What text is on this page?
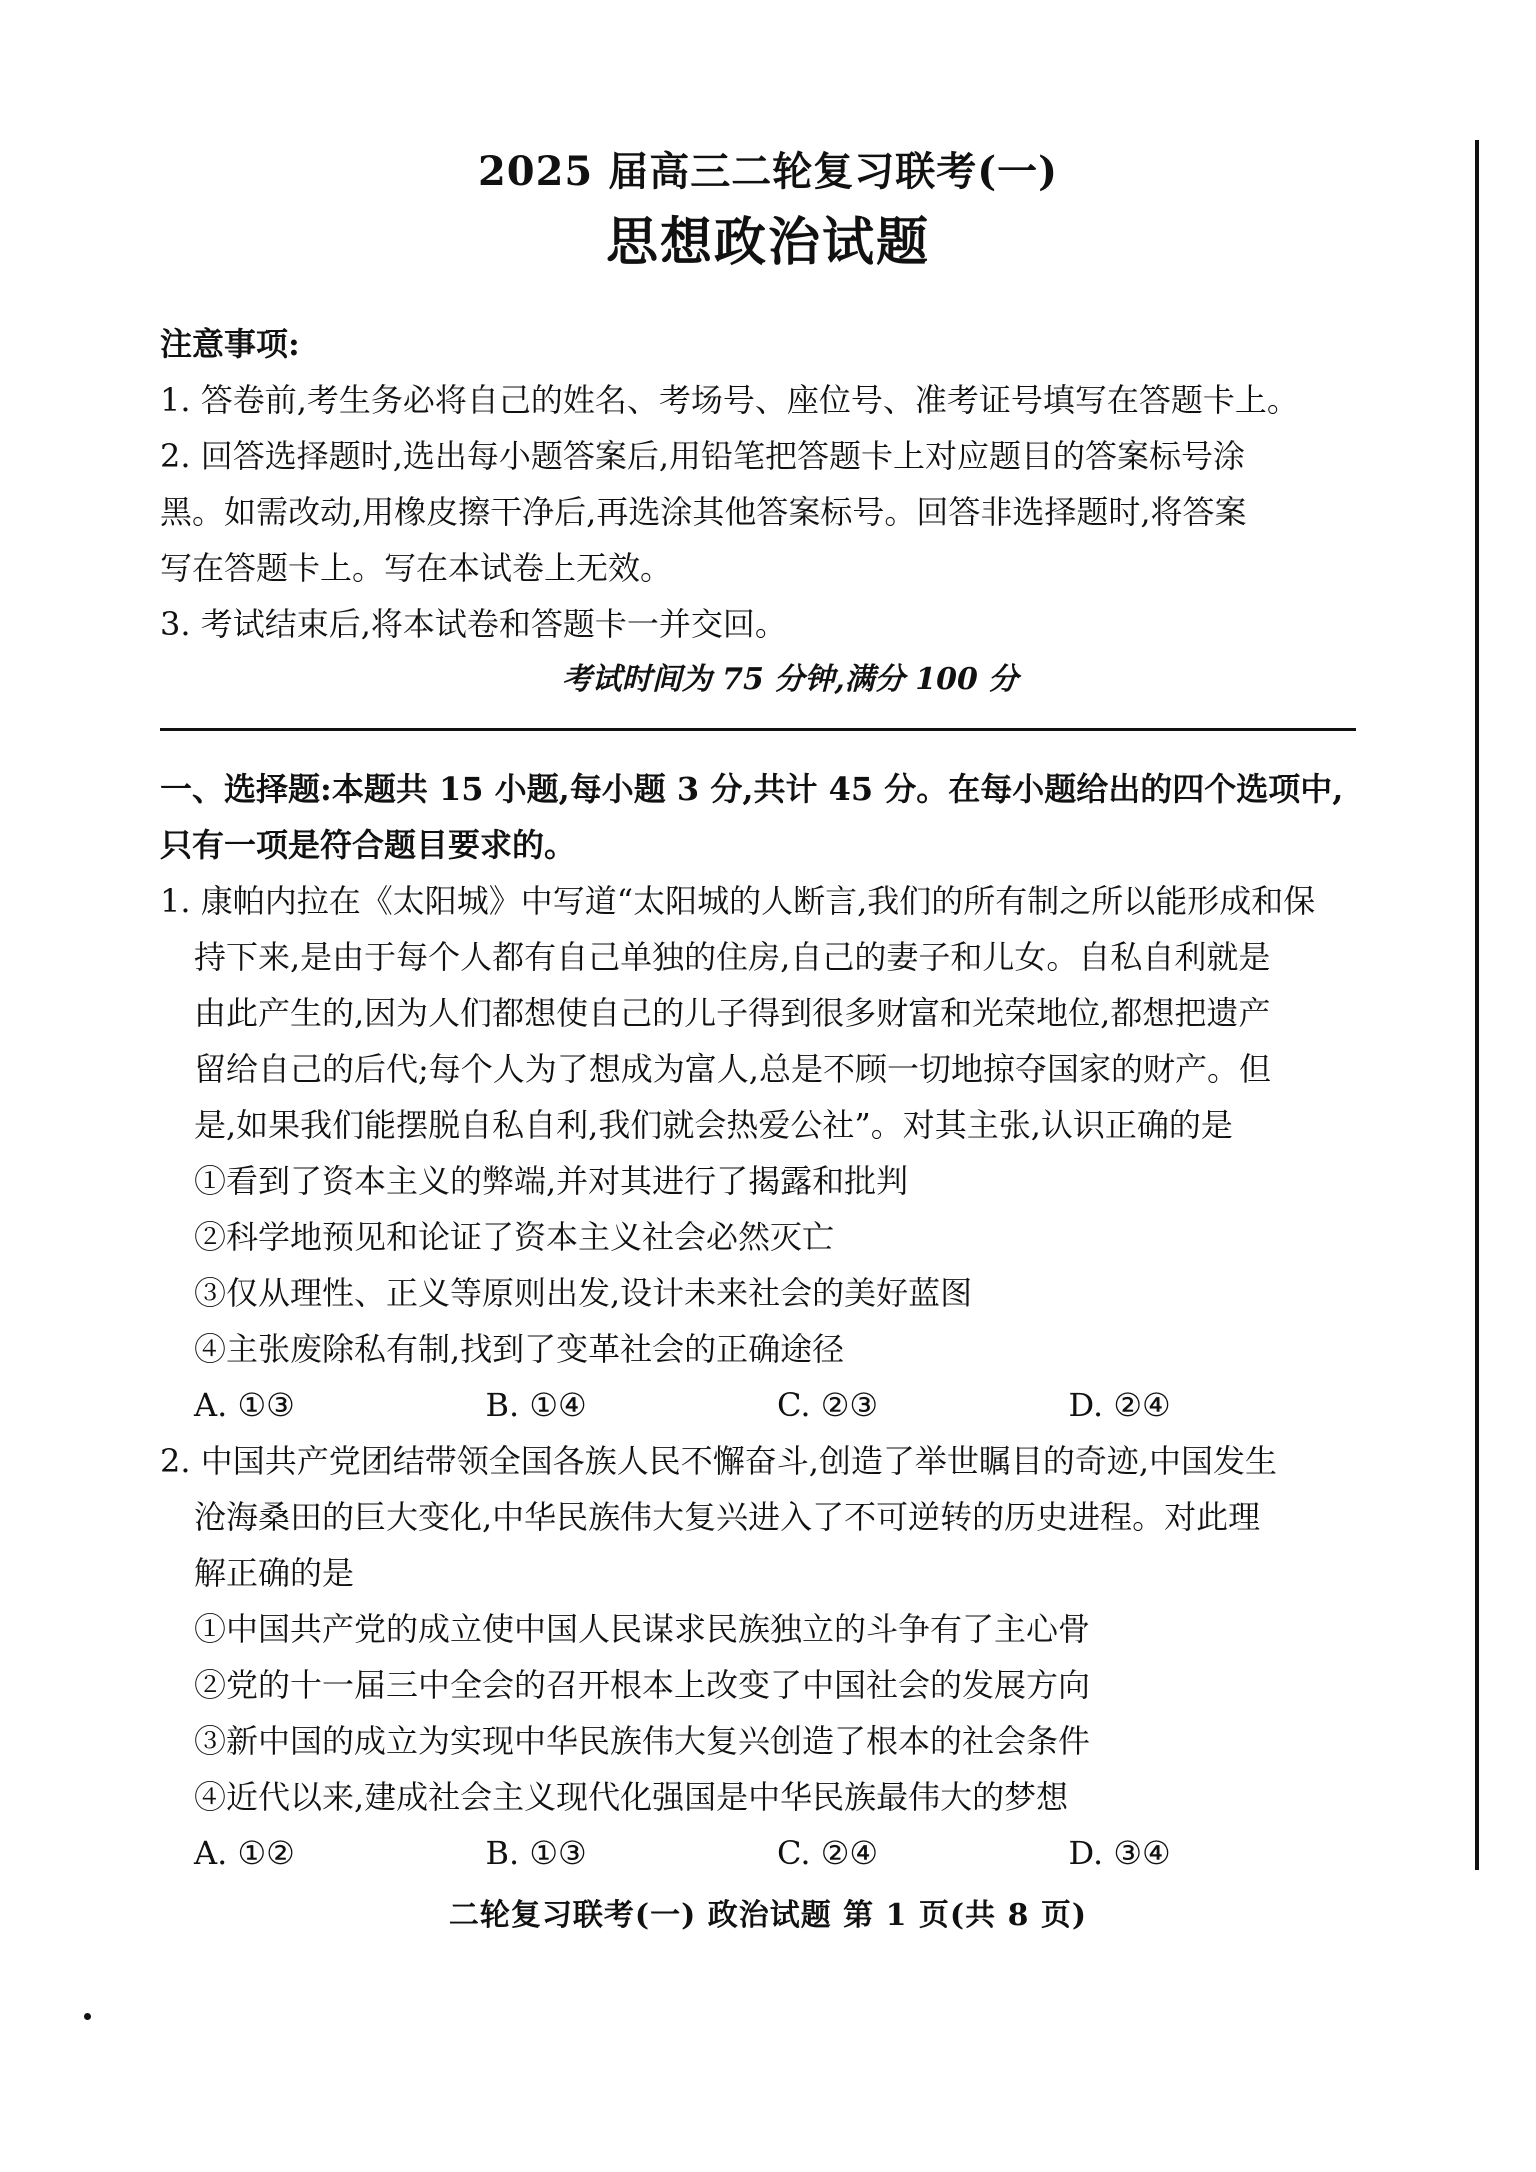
2025 届高三二轮复习联考(一)
思想政治试题

注意事项:

1. 答卷前,考生务必将自己的姓名、考场号、座位号、准考证号填写在答题卡上。

2. 回答选择题时,选出每小题答案后,用铅笔把答题卡上对应题目的答案标号涂

黑。如需改动,用橡皮擦干净后,再选涂其他答案标号。回答非选择题时,将答案

写在答题卡上。写在本试卷上无效。

3. 考试结束后,将本试卷和答题卡一并交回。

考试时间为 75 分钟,满分 100 分

一、选择题:本题共 15 小题,每小题 3 分,共计 45 分。在每小题给出的四个选项中,

只有一项是符合题目要求的。

1. 康帕内拉在《太阳城》中写道“太阳城的人断言,我们的所有制之所以能形成和保

持下来,是由于每个人都有自己单独的住房,自己的妻子和儿女。自私自利就是

由此产生的,因为人们都想使自己的儿子得到很多财富和光荣地位,都想把遗产

留给自己的后代;每个人为了想成为富人,总是不顾一切地掠夺国家的财产。但

是,如果我们能摆脱自私自利,我们就会热爱公社”。对其主张,认识正确的是

①看到了资本主义的弊端,并对其进行了揭露和批判

②科学地预见和论证了资本主义社会必然灭亡

③仅从理性、正义等原则出发,设计未来社会的美好蓝图

④主张废除私有制,找到了变革社会的正确途径

A. ①③	B. ①④	C. ②③	D. ②④

2. 中国共产党团结带领全国各族人民不懈奋斗,创造了举世瞩目的奇迹,中国发生

沧海桑田的巨大变化,中华民族伟大复兴进入了不可逆转的历史进程。对此理

解正确的是

①中国共产党的成立使中国人民谋求民族独立的斗争有了主心骨

②党的十一届三中全会的召开根本上改变了中国社会的发展方向

③新中国的成立为实现中华民族伟大复兴创造了根本的社会条件

④近代以来,建成社会主义现代化强国是中华民族最伟大的梦想

A. ①②	B. ①③	C. ②④	D. ③④
二轮复习联考(一) 政治试题 第 1 页(共 8 页)
